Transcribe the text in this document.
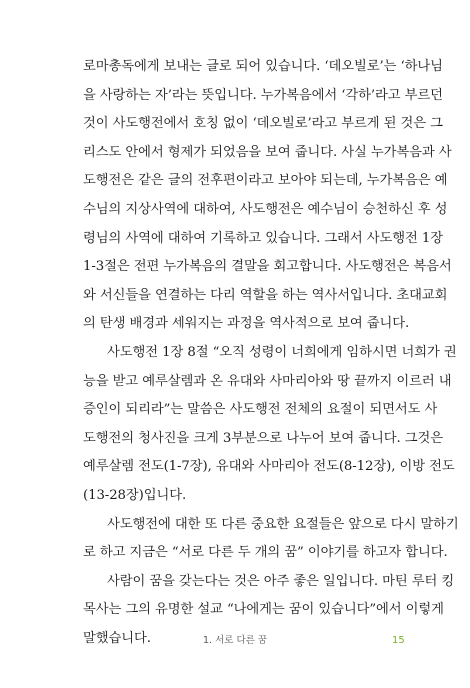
로마총독에게 보내는 글로 되어 있습니다. ‘데오빌로’는 ‘하나님
을 사랑하는 자’라는 뜻입니다. 누가복음에서 ‘각하’라고 부르던
것이 사도행전에서 호칭 없이 ‘데오빌로’라고 부르게 된 것은 그
리스도 안에서 형제가 되었음을 보여 줍니다. 사실 누가복음과 사
도행전은 같은 글의 전후편이라고 보아야 되는데, 누가복음은 예
수님의 지상사역에 대하여, 사도행전은 예수님이 승천하신 후 성
령님의 사역에 대하여 기록하고 있습니다. 그래서 사도행전 1장
1-3절은 전편 누가복음의 결말을 회고합니다. 사도행전은 복음서
와 서신들을 연결하는 다리 역할을 하는 역사서입니다. 초대교회
의 탄생 배경과 세워지는 과정을 역사적으로 보여 줍니다.
사도행전 1장 8절 “오직 성령이 너희에게 임하시면 너희가 권
능을 받고 예루살렘과 온 유대와 사마리아와 땅 끝까지 이르러 내
증인이 되리라”는 말씀은 사도행전 전체의 요절이 되면서도 사
도행전의 청사진을 크게 3부분으로 나누어 보여 줍니다. 그것은
예루살렘 전도(1-7장), 유대와 사마리아 전도(8-12장), 이방 전도
(13-28장)입니다.
사도행전에 대한 또 다른 중요한 요절들은 앞으로 다시 말하기
로 하고 지금은 “서로 다른 두 개의 꿈” 이야기를 하고자 합니다.
사람이 꿈을 갖는다는 것은 아주 좋은 일입니다. 마틴 루터 킹
목사는 그의 유명한 설교 “나에게는 꿈이 있습니다”에서 이렇게
말했습니다.	1. 서로 다른 꿈	15
